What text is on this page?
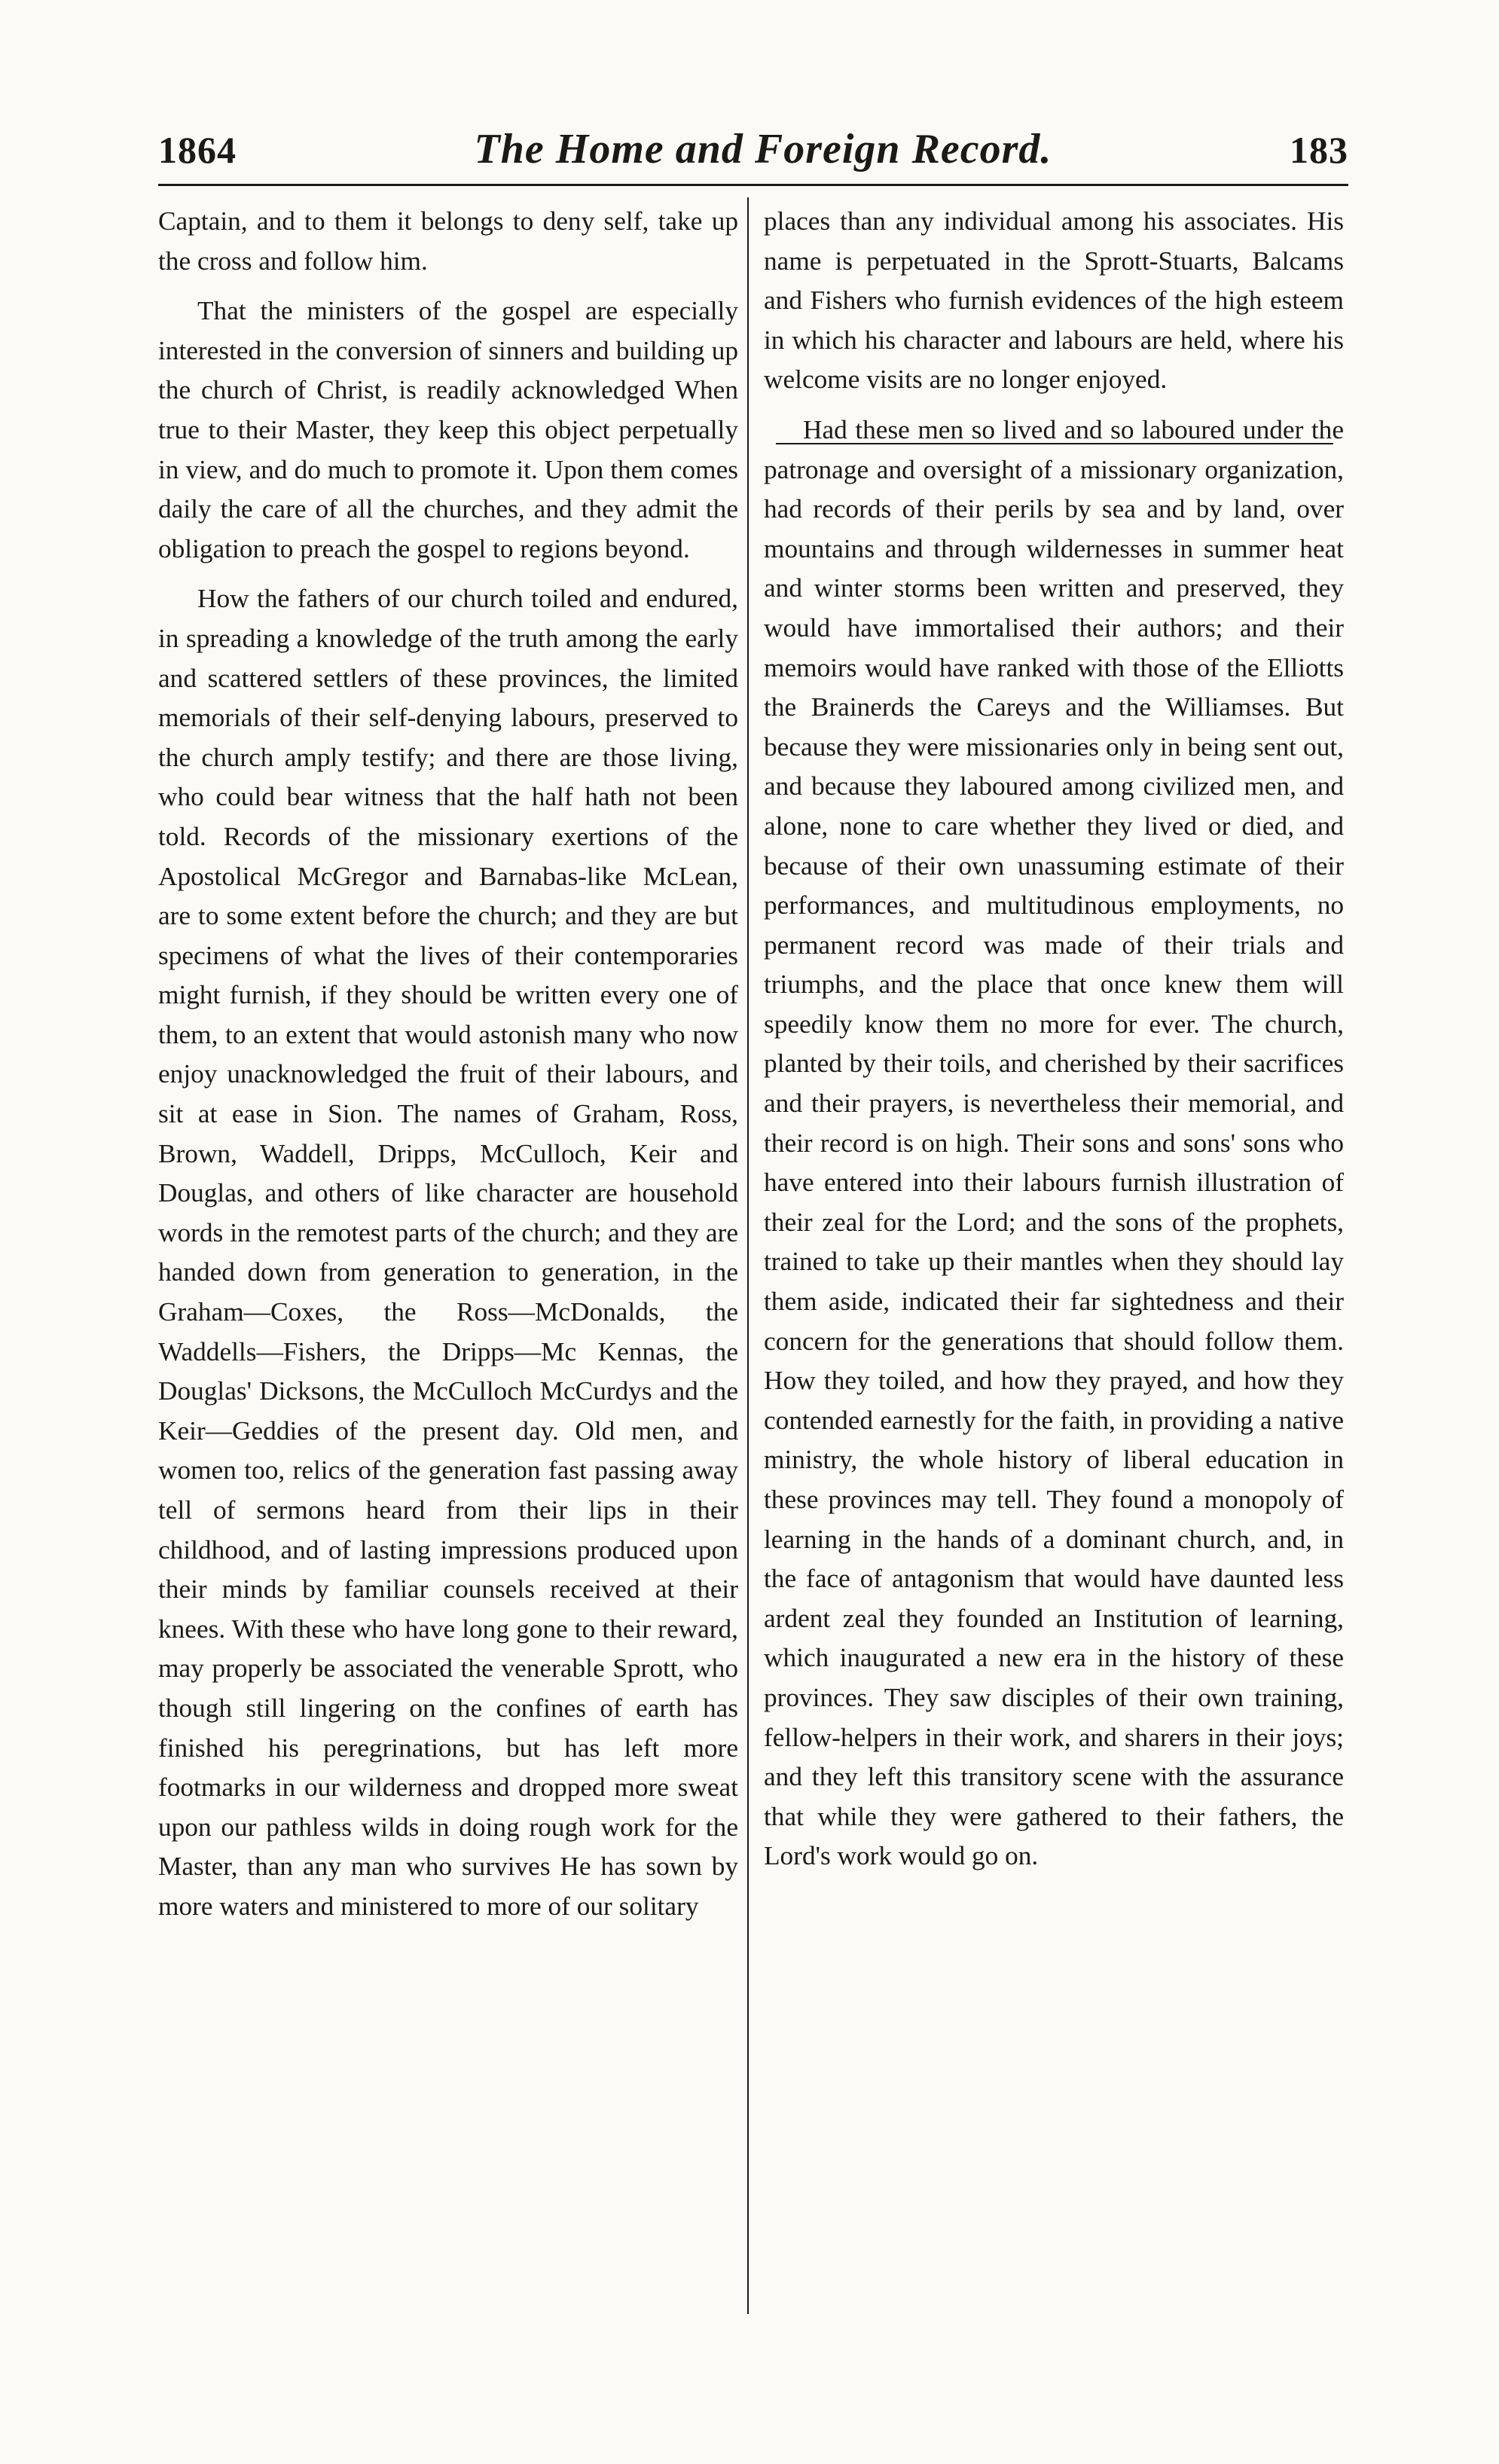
1864	The Home and Foreign Record.	183

Captain, and to them it belongs to deny self, take up the cross and follow him.

That the ministers of the gospel are especially interested in the conversion of sinners and building up the church of Christ, is readily acknowledged When true to their Master, they keep this object perpetually in view, and do much to promote it. Upon them comes daily the care of all the churches, and they admit the obligation to preach the gospel to regions beyond.

How the fathers of our church toiled and endured, in spreading a knowledge of the truth among the early and scattered settlers of these provinces, the limited memorials of their self-denying labours, preserved to the church amply testify; and there are those living, who could bear witness that the half hath not been told. Records of the missionary exertions of the Apostolical McGregor and Barnabas-like McLean, are to some extent before the church; and they are but specimens of what the lives of their contemporaries might furnish, if they should be written every one of them, to an extent that would astonish many who now enjoy unacknowledged the fruit of their labours, and sit at ease in Sion. The names of Graham, Ross, Brown, Waddell, Dripps, McCulloch, Keir and Douglas, and others of like character are household words in the remotest parts of the church; and they are handed down from generation to generation, in the Graham—Coxes, the Ross—McDonalds, the Waddells—Fishers, the Dripps—Mc Kennas, the Douglas' Dicksons, the McCulloch McCurdys and the Keir—Geddies of the present day. Old men, and women too, relics of the generation fast passing away tell of sermons heard from their lips in their childhood, and of lasting impressions produced upon their minds by familiar counsels received at their knees. With these who have long gone to their reward, may properly be associated the venerable Sprott, who though still lingering on the confines of earth has finished his peregrinations, but has left more footmarks in our wilderness and dropped more sweat upon our pathless wilds in doing rough work for the Master, than any man who survives He has sown by more waters and ministered to more of our solitary

places than any individual among his associates. His name is perpetuated in the Sprott-Stuarts, Balcams and Fishers who furnish evidences of the high esteem in which his character and labours are held, where his welcome visits are no longer enjoyed.

Had these men so lived and so laboured under the patronage and oversight of a missionary organization, had records of their perils by sea and by land, over mountains and through wildernesses in summer heat and winter storms been written and preserved, they would have immortalised their authors; and their memoirs would have ranked with those of the Elliotts the Brainerds the Careys and the Williamses. But because they were missionaries only in being sent out, and because they laboured among civilized men, and alone, none to care whether they lived or died, and because of their own unassuming estimate of their performances, and multitudinous employments, no permanent record was made of their trials and triumphs, and the place that once knew them will speedily know them no more for ever. The church, planted by their toils, and cherished by their sacrifices and their prayers, is nevertheless their memorial, and their record is on high. Their sons and sons' sons who have entered into their labours furnish illustration of their zeal for the Lord; and the sons of the prophets, trained to take up their mantles when they should lay them aside, indicated their far sightedness and their concern for the generations that should follow them. How they toiled, and how they prayed, and how they contended earnestly for the faith, in providing a native ministry, the whole history of liberal education in these provinces may tell. They found a monopoly of learning in the hands of a dominant church, and, in the face of antagonism that would have daunted less ardent zeal they founded an Institution of learning, which inaugurated a new era in the history of these provinces. They saw disciples of their own training, fellow-helpers in their work, and sharers in their joys; and they left this transitory scene with the assurance that while they were gathered to their fathers, the Lord's work would go on.
